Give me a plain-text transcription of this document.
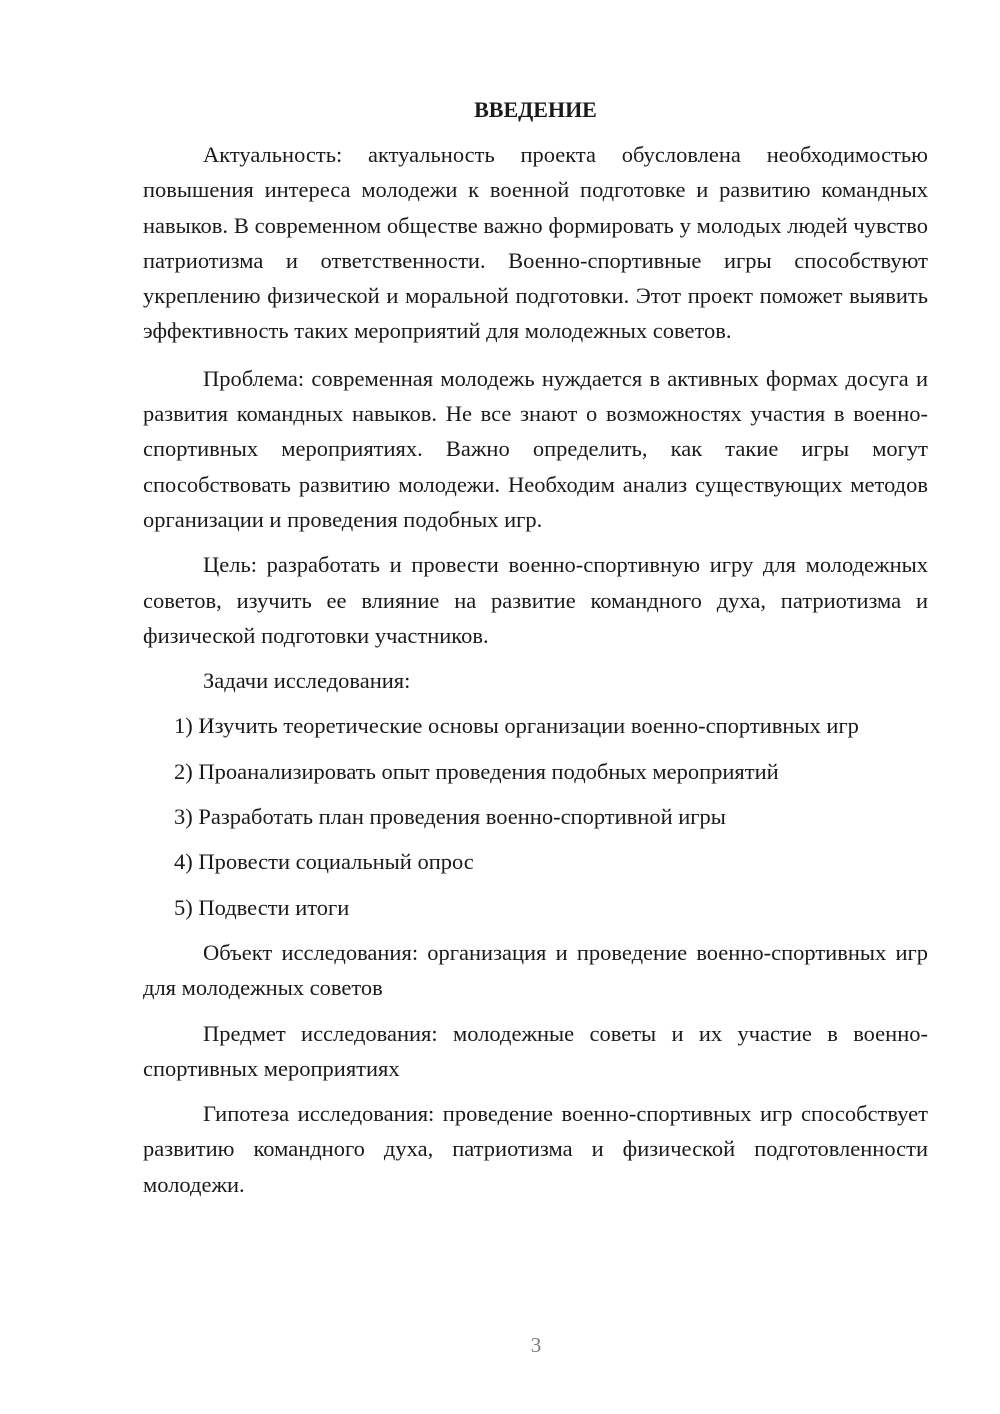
ВВЕДЕНИЕ

Актуальность: актуальность проекта обусловлена необходимостью повышения интереса молодежи к военной подготовке и развитию командных навыков. В современном обществе важно формировать у молодых людей чувство патриотизма и ответственности. Военно-спортивные игры способствуют укреплению физической и моральной подготовки. Этот проект поможет выявить эффективность таких мероприятий для молодежных советов.

Проблема: современная молодежь нуждается в активных формах досуга и развития командных навыков. Не все знают о возможностях участия в военно-спортивных мероприятиях. Важно определить, как такие игры могут способствовать развитию молодежи. Необходим анализ существующих методов организации и проведения подобных игр.

Цель: разработать и провести военно-спортивную игру для молодежных советов, изучить ее влияние на развитие командного духа, патриотизма и физической подготовки участников.

Задачи исследования:

1) Изучить теоретические основы организации военно-спортивных игр

2) Проанализировать опыт проведения подобных мероприятий

3) Разработать план проведения военно-спортивной игры

4) Провести социальный опрос

5) Подвести итоги

Объект исследования: организация и проведение военно-спортивных игр для молодежных советов

Предмет исследования: молодежные советы и их участие в военно-спортивных мероприятиях

Гипотеза исследования: проведение военно-спортивных игр способствует развитию командного духа, патриотизма и физической подготовленности молодежи.

3
